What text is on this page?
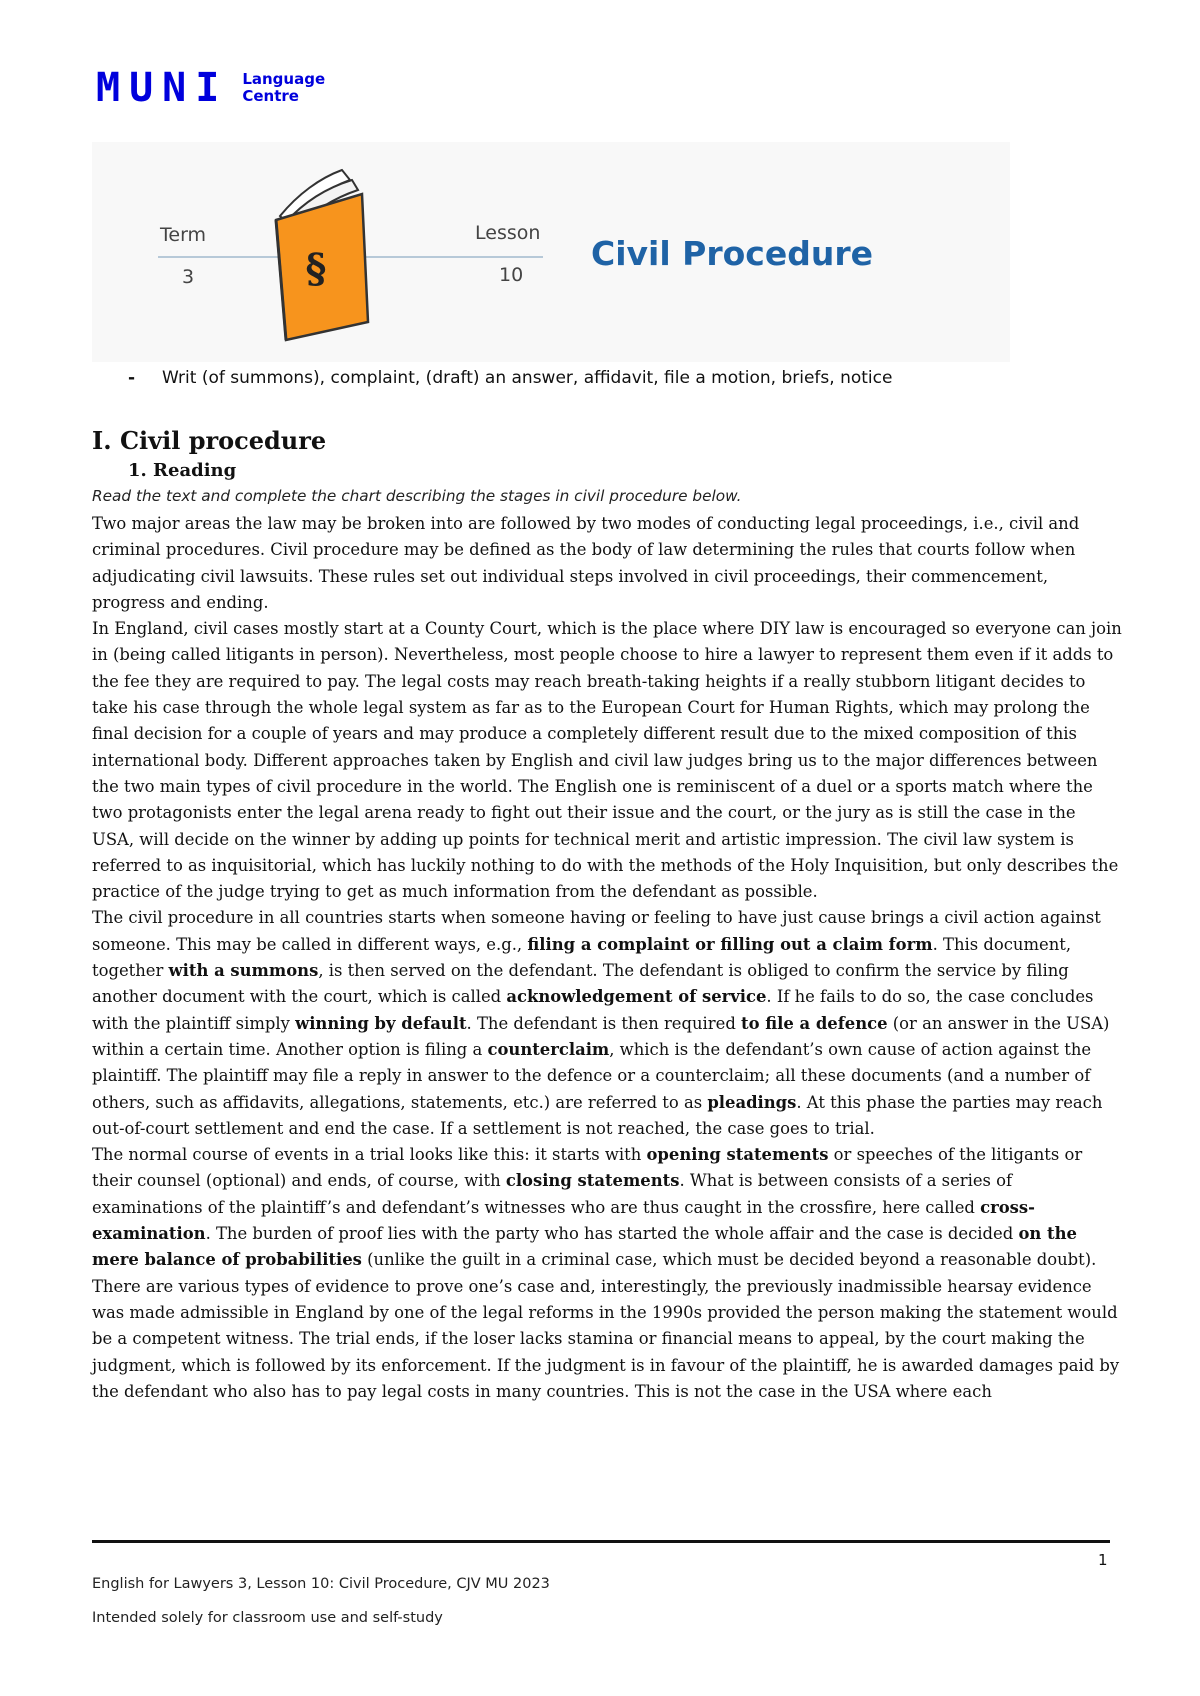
MUNI Language
Centre
Term
3
Lesson
10
§	Civil Procedure
- Writ (of summons), complaint, (draft) an answer, affidavit, file a motion, briefs, notice
I. Civil procedure
1. Reading
Read the text and complete the chart describing the stages in civil procedure below.

Two major areas the law may be broken into are followed by two modes of conducting legal proceedings, i.e., civil and criminal procedures. Civil procedure may be defined as the body of law determining the rules that courts follow when adjudicating civil lawsuits. These rules set out individual steps involved in civil proceedings, their commencement, progress and ending.

In England, civil cases mostly start at a County Court, which is the place where DIY law is encouraged so everyone can join in (being called litigants in person). Nevertheless, most people choose to hire a lawyer to represent them even if it adds to the fee they are required to pay. The legal costs may reach breath-taking heights if a really stubborn litigant decides to take his case through the whole legal system as far as to the European Court for Human Rights, which may prolong the final decision for a couple of years and may produce a completely different result due to the mixed composition of this international body. Different approaches taken by English and civil law judges bring us to the major differences between the two main types of civil procedure in the world. The English one is reminiscent of a duel or a sports match where the two protagonists enter the legal arena ready to fight out their issue and the court, or the jury as is still the case in the USA, will decide on the winner by adding up points for technical merit and artistic impression. The civil law system is referred to as inquisitorial, which has luckily nothing to do with the methods of the Holy Inquisition, but only describes the practice of the judge trying to get as much information from the defendant as possible.

The civil procedure in all countries starts when someone having or feeling to have just cause brings a civil action against someone. This may be called in different ways, e.g., filing a complaint or filling out a claim form. This document, together with a summons, is then served on the defendant. The defendant is obliged to confirm the service by filing another document with the court, which is called acknowledgement of service. If he fails to do so, the case concludes with the plaintiff simply winning by default. The defendant is then required to file a defence (or an answer in the USA) within a certain time. Another option is filing a counterclaim, which is the defendant’s own cause of action against the plaintiff. The plaintiff may file a reply in answer to the defence or a counterclaim; all these documents (and a number of others, such as affidavits, allegations, statements, etc.) are referred to as pleadings. At this phase the parties may reach out-of-court settlement and end the case. If a settlement is not reached, the case goes to trial.

The normal course of events in a trial looks like this: it starts with opening statements or speeches of the litigants or their counsel (optional) and ends, of course, with closing statements. What is between consists of a series of examinations of the plaintiff’s and defendant’s witnesses who are thus caught in the crossfire, here called cross-examination. The burden of proof lies with the party who has started the whole affair and the case is decided on the mere balance of probabilities (unlike the guilt in a criminal case, which must be decided beyond a reasonable doubt). There are various types of evidence to prove one’s case and, interestingly, the previously inadmissible hearsay evidence was made admissible in England by one of the legal reforms in the 1990s provided the person making the statement would be a competent witness. The trial ends, if the loser lacks stamina or financial means to appeal, by the court making the judgment, which is followed by its enforcement. If the judgment is in favour of the plaintiff, he is awarded damages paid by the defendant who also has to pay legal costs in many countries. This is not the case in the USA where each

1
English for Lawyers 3, Lesson 10: Civil Procedure, CJV MU 2023
Intended solely for classroom use and self-study
